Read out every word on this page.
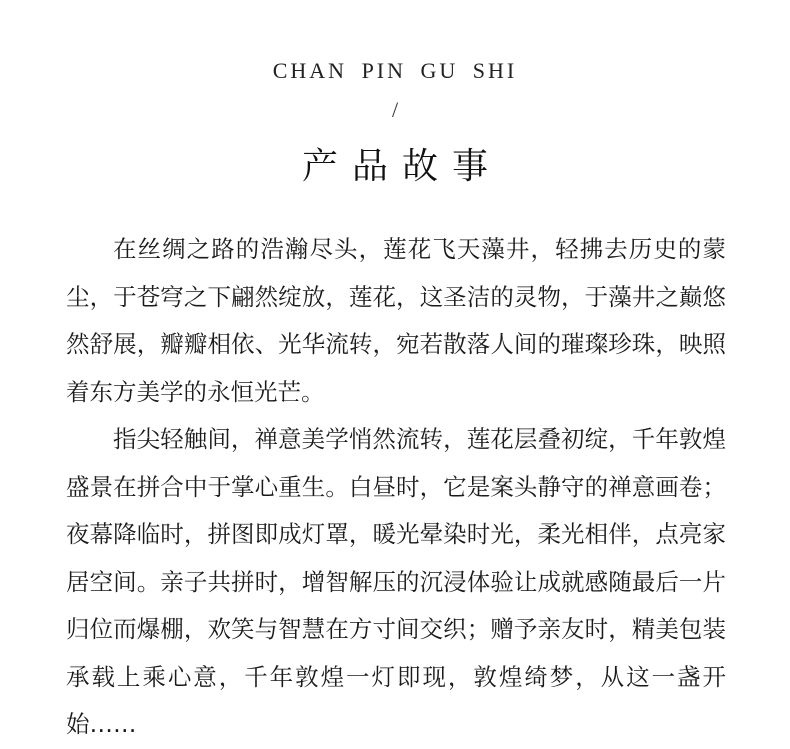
CHAN PIN GU SHI
/
产品故事

在丝绸之路的浩瀚尽头，莲花飞天藻井，轻拂去历史的蒙尘，于苍穹之下翩然绽放，莲花，这圣洁的灵物，于藻井之巅悠然舒展，瓣瓣相依、光华流转，宛若散落人间的璀璨珍珠，映照着东方美学的永恒光芒。

指尖轻触间，禅意美学悄然流转，莲花层叠初绽，千年敦煌盛景在拼合中于掌心重生。白昼时，它是案头静守的禅意画卷；夜幕降临时，拼图即成灯罩，暖光晕染时光，柔光相伴，点亮家居空间。亲子共拼时，增智解压的沉浸体验让成就感随最后一片归位而爆棚，欢笑与智慧在方寸间交织；赠予亲友时，精美包装承载上乘心意，千年敦煌一灯即现，敦煌绮梦，从这一盏开始……
